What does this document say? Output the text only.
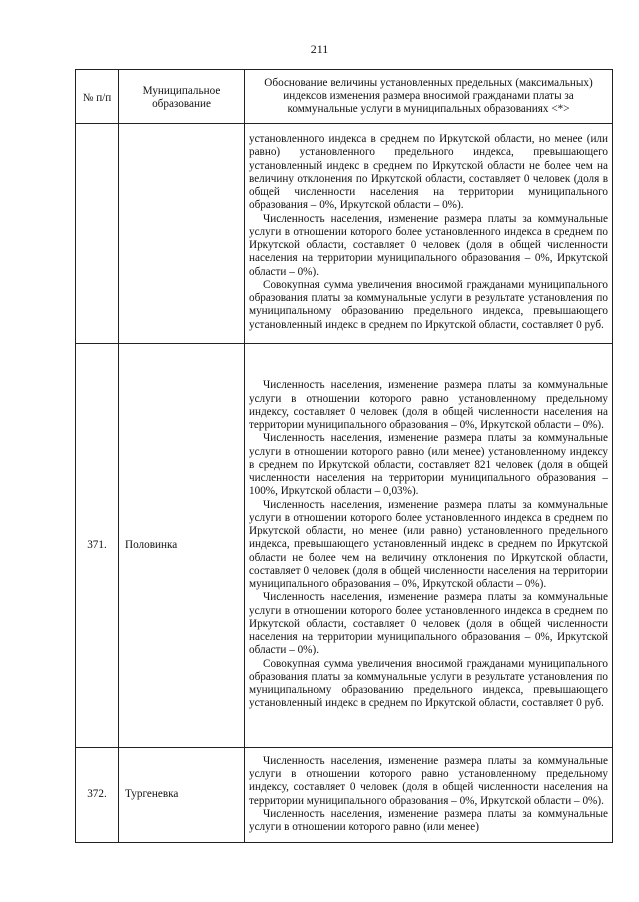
211
№ п/п	Муниципальное образование	Обоснование величины установленных предельных (максимальных) индексов изменения размера вносимой гражданами платы за коммунальные услуги в муниципальных образованиях <*>

		установленного индекса в среднем по Иркутской области, но менее (или равно) установленного предельного индекса, превышающего установленный индекс в среднем по Иркутской области не более чем на величину отклонения по Иркутской области, составляет 0 человек (доля в общей численности населения на территории муниципального образования – 0%, Иркутской области – 0%).

Численность населения, изменение размера платы за коммунальные услуги в отношении которого более установленного индекса в среднем по Иркутской области, составляет 0 человек (доля в общей численности населения на территории муниципального образования – 0%, Иркутской области – 0%).

Совокупная сумма увеличения вносимой гражданами муниципального образования платы за коммунальные услуги в результате установления по муниципальному образованию предельного индекса, превышающего установленный индекс в среднем по Иркутской области, составляет 0 руб.

371.	Половинка	Численность населения, изменение размера платы за коммунальные услуги в отношении которого равно установленному предельному индексу, составляет 0 человек (доля в общей численности населения на территории муниципального образования – 0%, Иркутской области – 0%).

Численность населения, изменение размера платы за коммунальные услуги в отношении которого равно (или менее) установленному индексу в среднем по Иркутской области, составляет 821 человек (доля в общей численности населения на территории муниципального образования – 100%, Иркутской области – 0,03%).

Численность населения, изменение размера платы за коммунальные услуги в отношении которого более установленного индекса в среднем по Иркутской области, но менее (или равно) установленного предельного индекса, превышающего установленный индекс в среднем по Иркутской области не более чем на величину отклонения по Иркутской области, составляет 0 человек (доля в общей численности населения на территории муниципального образования – 0%, Иркутской области – 0%).

Численность населения, изменение размера платы за коммунальные услуги в отношении которого более установленного индекса в среднем по Иркутской области, составляет 0 человек (доля в общей численности населения на территории муниципального образования – 0%, Иркутской области – 0%).

Совокупная сумма увеличения вносимой гражданами муниципального образования платы за коммунальные услуги в результате установления по муниципальному образованию предельного индекса, превышающего установленный индекс в среднем по Иркутской области, составляет 0 руб.

372.	Тургеневка	Численность населения, изменение размера платы за коммунальные услуги в отношении которого равно установленному предельному индексу, составляет 0 человек (доля в общей численности населения на территории муниципального образования – 0%, Иркутской области – 0%).

Численность населения, изменение размера платы за коммунальные услуги в отношении которого равно (или менее)
